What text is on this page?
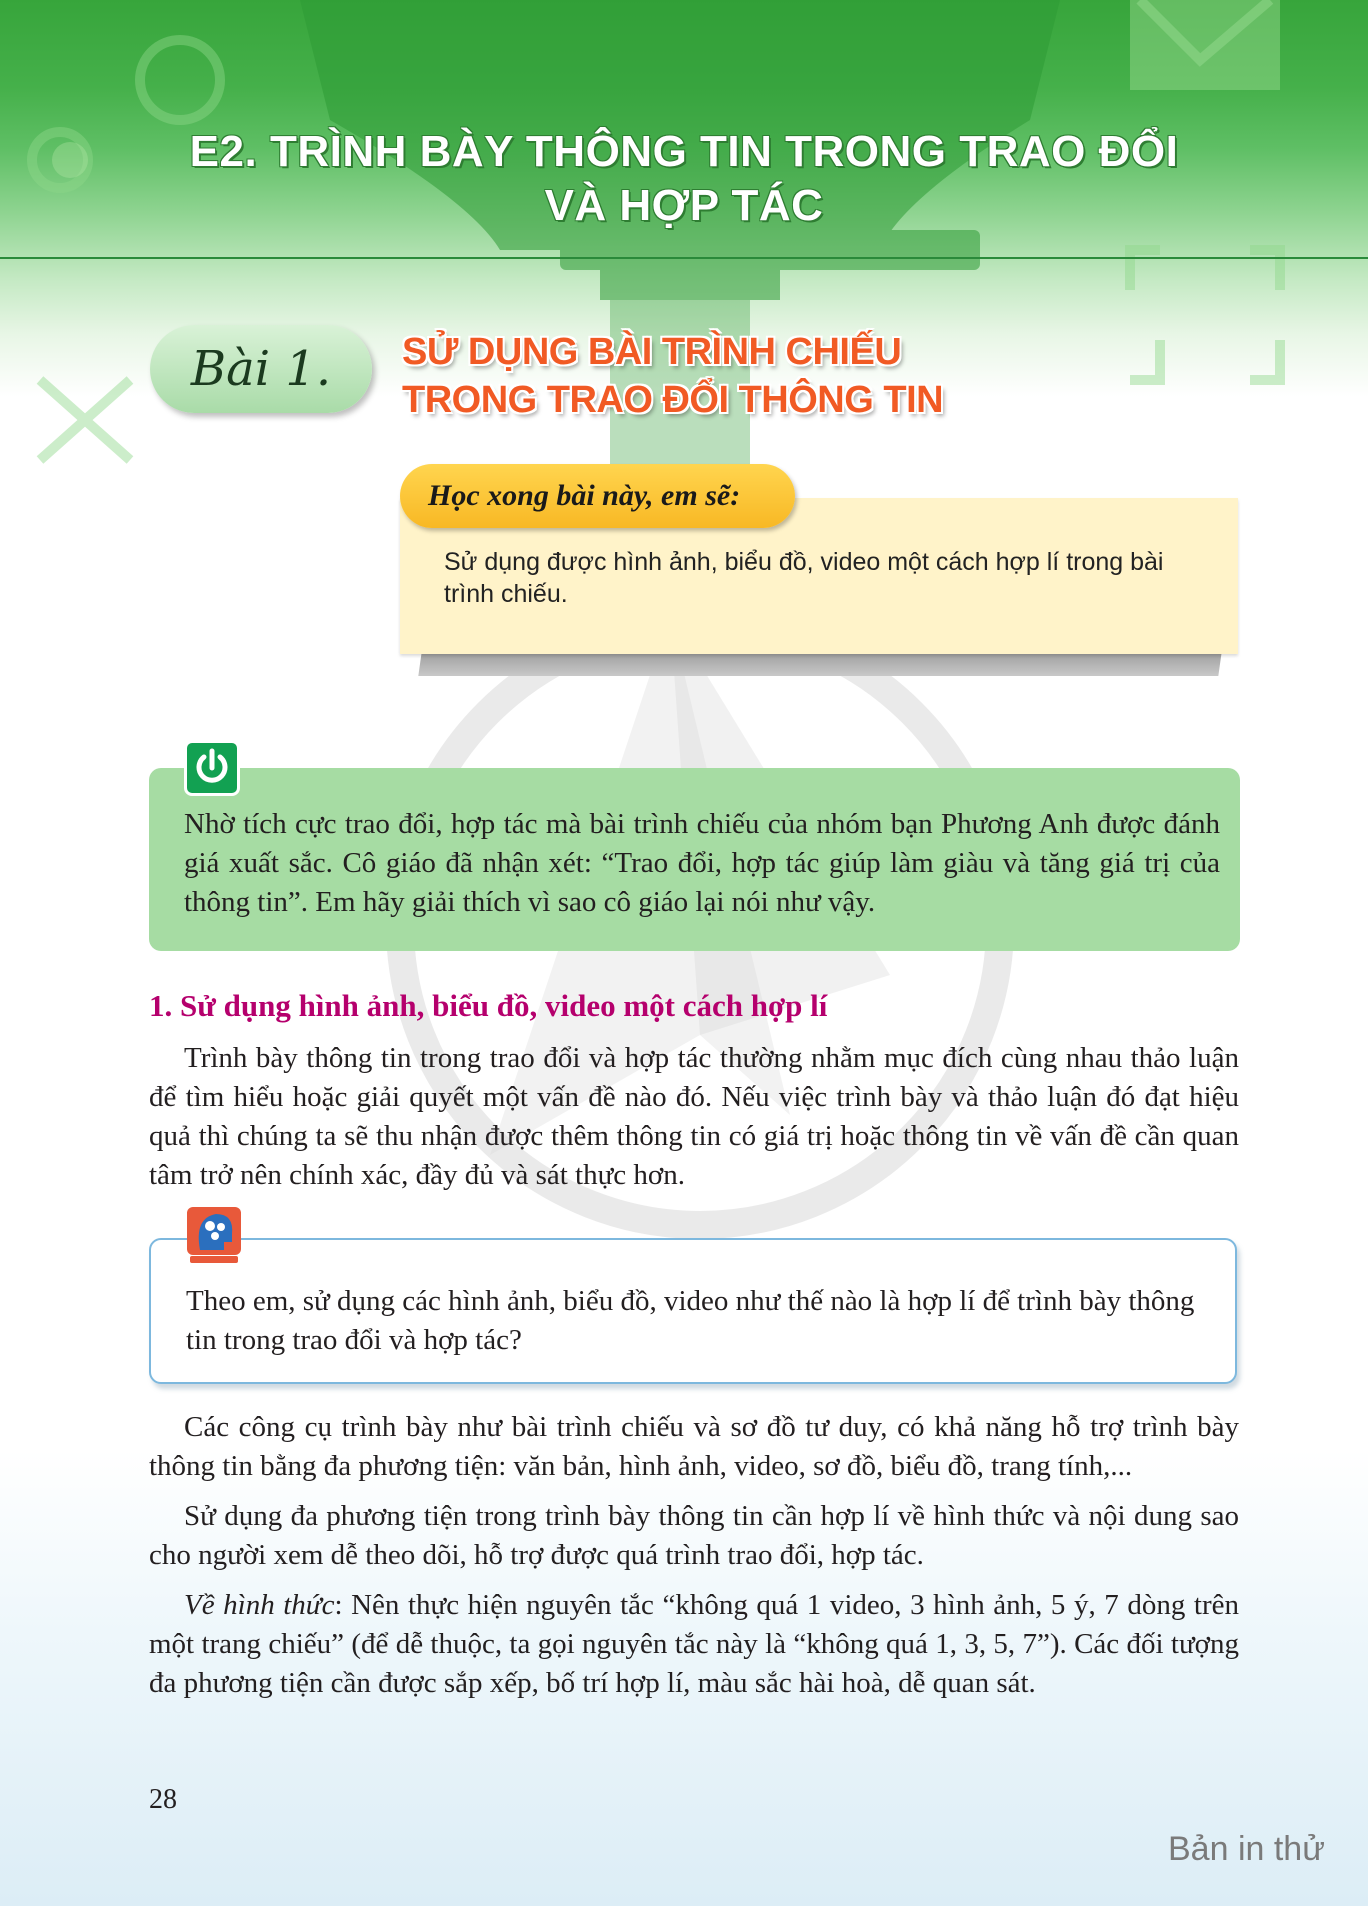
E2. TRÌNH BÀY THÔNG TIN TRONG TRAO ĐỔI
VÀ HỢP TÁC
Bài 1.	SỬ DỤNG BÀI TRÌNH CHIẾU
TRONG TRAO ĐỔI THÔNG TIN
Học xong bài này, em sẽ:
Sử dụng được hình ảnh, biểu đồ, video một cách hợp lí trong bài trình chiếu.
Nhờ tích cực trao đổi, hợp tác mà bài trình chiếu của nhóm bạn Phương Anh được đánh giá xuất sắc. Cô giáo đã nhận xét: “Trao đổi, hợp tác giúp làm giàu và tăng giá trị của thông tin”. Em hãy giải thích vì sao cô giáo lại nói như vậy.
1. Sử dụng hình ảnh, biểu đồ, video một cách hợp lí
Trình bày thông tin trong trao đổi và hợp tác thường nhằm mục đích cùng nhau thảo luận để tìm hiểu hoặc giải quyết một vấn đề nào đó. Nếu việc trình bày và thảo luận đó đạt hiệu quả thì chúng ta sẽ thu nhận được thêm thông tin có giá trị hoặc thông tin về vấn đề cần quan tâm trở nên chính xác, đầy đủ và sát thực hơn.
Theo em, sử dụng các hình ảnh, biểu đồ, video như thế nào là hợp lí để trình bày thông tin trong trao đổi và hợp tác?
Các công cụ trình bày như bài trình chiếu và sơ đồ tư duy, có khả năng hỗ trợ trình bày thông tin bằng đa phương tiện: văn bản, hình ảnh, video, sơ đồ, biểu đồ, trang tính,...
Sử dụng đa phương tiện trong trình bày thông tin cần hợp lí về hình thức và nội dung sao cho người xem dễ theo dõi, hỗ trợ được quá trình trao đổi, hợp tác.
Về hình thức: Nên thực hiện nguyên tắc “không quá 1 video, 3 hình ảnh, 5 ý, 7 dòng trên một trang chiếu” (để dễ thuộc, ta gọi nguyên tắc này là “không quá 1, 3, 5, 7”). Các đối tượng đa phương tiện cần được sắp xếp, bố trí hợp lí, màu sắc hài hoà, dễ quan sát.
28
Bản in thử
